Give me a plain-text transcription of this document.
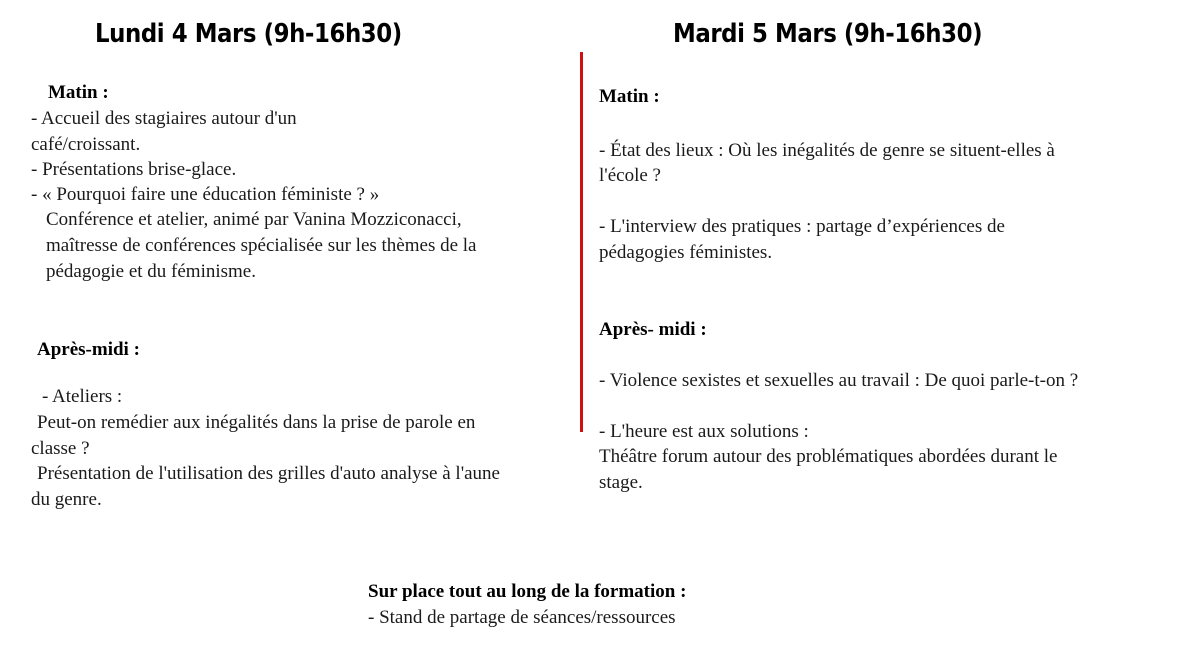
Lundi 4 Mars (9h-16h30)	Mardi 5 Mars (9h-16h30)

Matin :

- Accueil des stagiaires autour d'un

café/croissant.

- Présentations brise-glace.

- « Pourquoi faire une éducation féministe ? »

Conférence et atelier, animé par Vanina Mozziconacci,

maîtresse de conférences spécialisée sur les thèmes de la

pédagogie et du féminisme.

Après-midi :

- Ateliers :

Peut-on remédier aux inégalités dans la prise de parole en

classe ?

Présentation de l'utilisation des grilles d'auto analyse à l'aune

du genre.

Matin :

- État des lieux : Où les inégalités de genre se situent-elles à

l'école ?

- L'interview des pratiques : partage d’expériences de

pédagogies féministes.

Après- midi :

- Violence sexistes et sexuelles au travail : De quoi parle-t-on ?

- L'heure est aux solutions :

Théâtre forum autour des problématiques abordées durant le

stage.

Sur place tout au long de la formation :

- Stand de partage de séances/ressources
